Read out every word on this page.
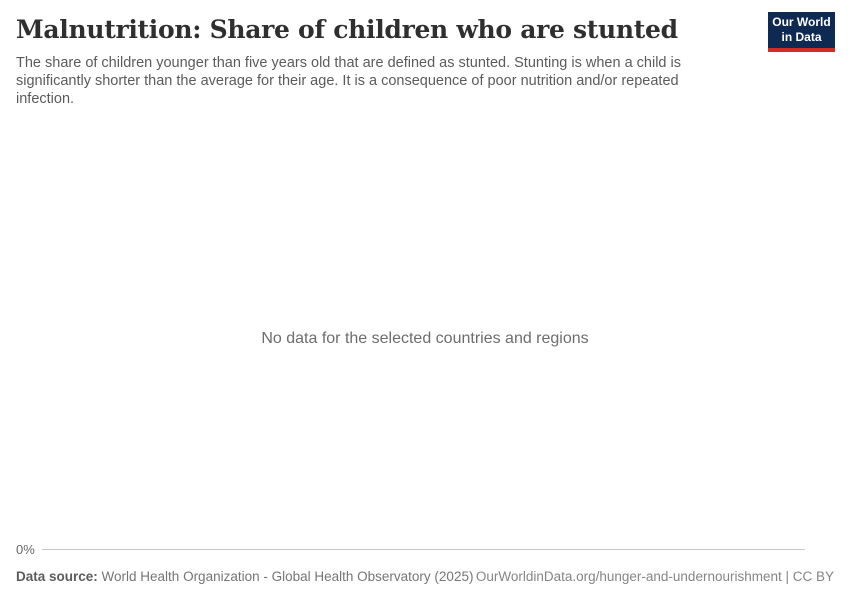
Malnutrition: Share of children who are stunted

The share of children younger than five years old that are defined as stunted. Stunting is when a child is significantly shorter than the average for their age. It is a consequence of poor nutrition and/or repeated infection.

Our World
in Data
No data for the selected countries and regions
0%
Data source: World Health Organization - Global Health Observatory (2025) OurWorldinData.org/hunger-and-undernourishment | CC BY
